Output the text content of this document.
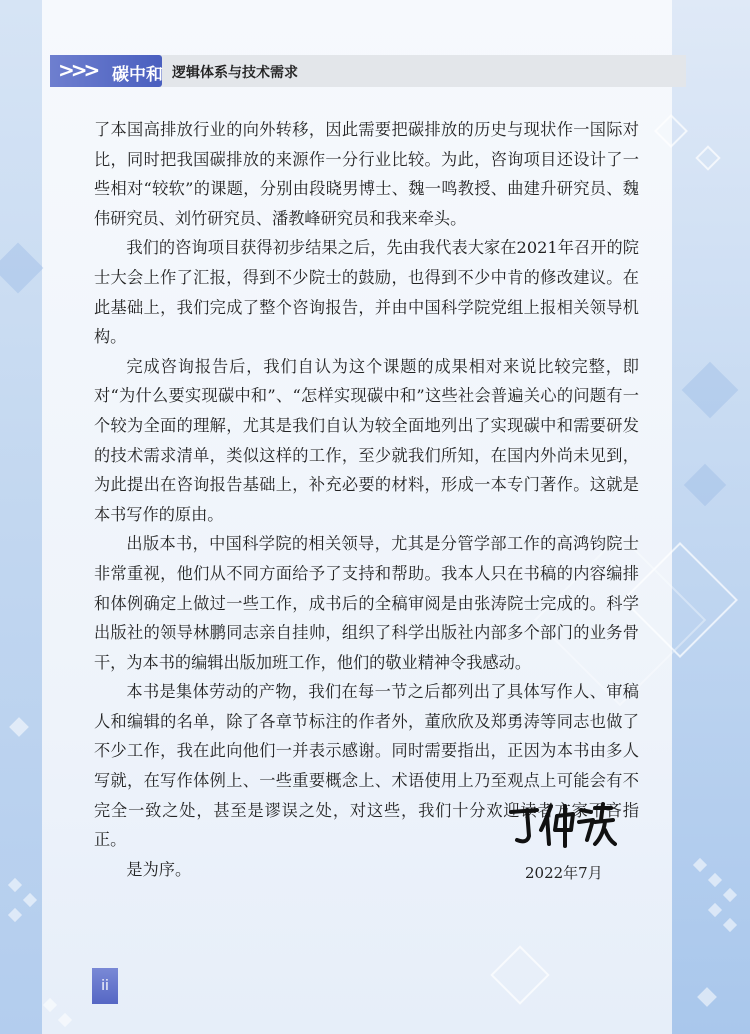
>>> 碳中和 逻辑体系与技术需求

了本国高排放行业的向外转移，因此需要把碳排放的历史与现状作一国际对比，同时把我国碳排放的来源作一分行业比较。为此，咨询项目还设计了一些相对“较软”的课题，分别由段晓男博士、魏一鸣教授、曲建升研究员、魏伟研究员、刘竹研究员、潘教峰研究员和我来牵头。

我们的咨询项目获得初步结果之后，先由我代表大家在2021年召开的院士大会上作了汇报，得到不少院士的鼓励，也得到不少中肯的修改建议。在此基础上，我们完成了整个咨询报告，并由中国科学院党组上报相关领导机构。

完成咨询报告后，我们自认为这个课题的成果相对来说比较完整，即对“为什么要实现碳中和”、“怎样实现碳中和”这些社会普遍关心的问题有一个较为全面的理解，尤其是我们自认为较全面地列出了实现碳中和需要研发的技术需求清单，类似这样的工作，至少就我们所知，在国内外尚未见到，为此提出在咨询报告基础上，补充必要的材料，形成一本专门著作。这就是本书写作的原由。

出版本书，中国科学院的相关领导，尤其是分管学部工作的高鸿钧院士非常重视，他们从不同方面给予了支持和帮助。我本人只在书稿的内容编排和体例确定上做过一些工作，成书后的全稿审阅是由张涛院士完成的。科学出版社的领导林鹏同志亲自挂帅，组织了科学出版社内部多个部门的业务骨干，为本书的编辑出版加班工作，他们的敬业精神令我感动。

本书是集体劳动的产物，我们在每一节之后都列出了具体写作人、审稿人和编辑的名单，除了各章节标注的作者外，董欣欣及郑勇涛等同志也做了不少工作，我在此向他们一并表示感谢。同时需要指出，正因为本书由多人写就，在写作体例上、一些重要概念上、术语使用上乃至观点上可能会有不完全一致之处，甚至是谬误之处，对这些，我们十分欢迎读者方家不吝指正。

是为序。	2022年7月
ii
